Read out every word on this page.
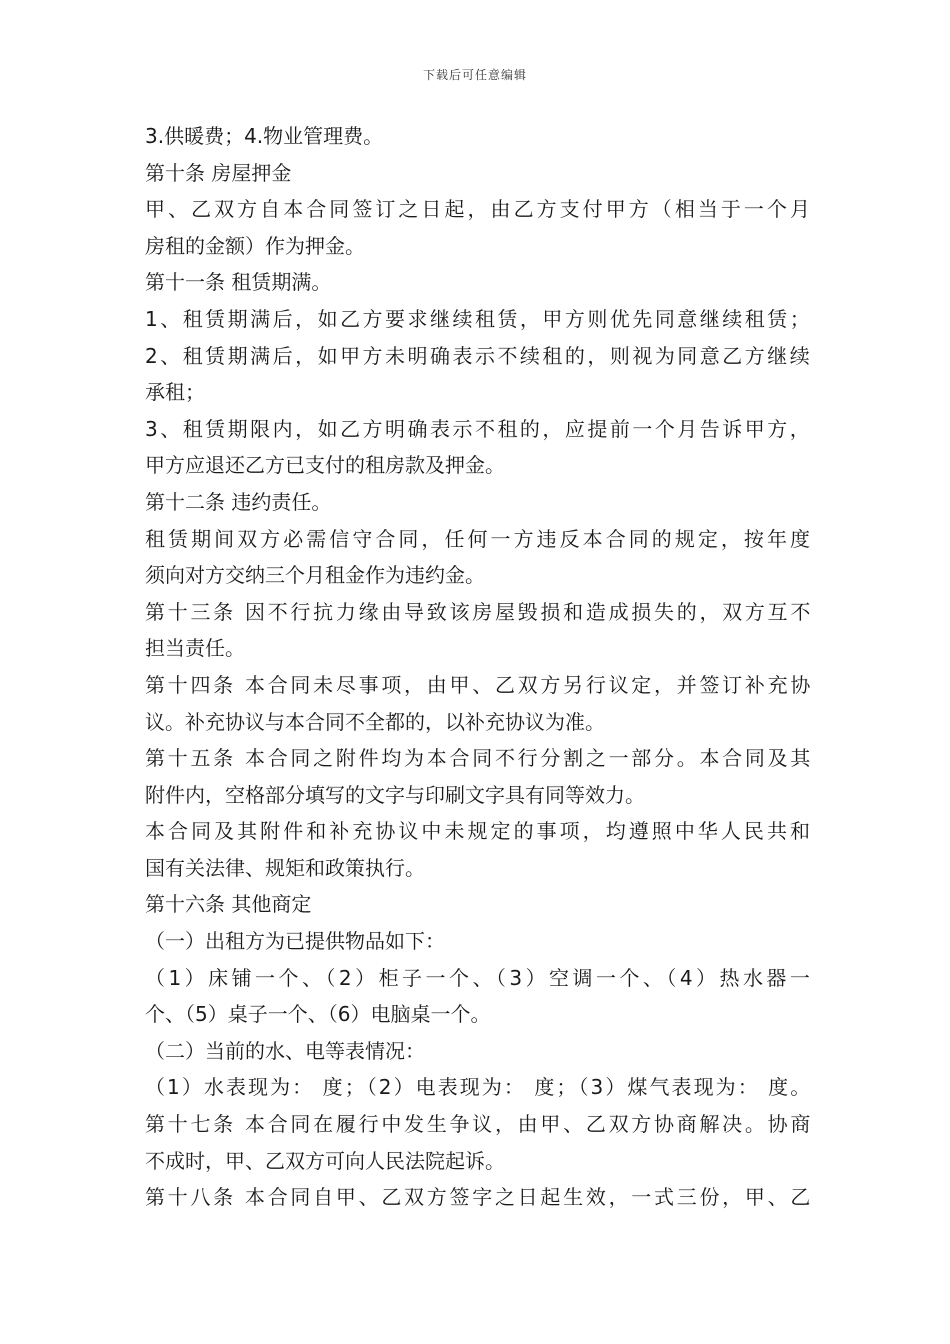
下载后可任意编辑
3.供暖费；4.物业管理费。
第十条 房屋押金
甲、乙双方自本合同签订之日起，由乙方支付甲方（相当于一个月
房租的金额）作为押金。
第十一条 租赁期满。
1、租赁期满后，如乙方要求继续租赁，甲方则优先同意继续租赁；
2、租赁期满后，如甲方未明确表示不续租的，则视为同意乙方继续
承租；
3、租赁期限内，如乙方明确表示不租的，应提前一个月告诉甲方，
甲方应退还乙方已支付的租房款及押金。
第十二条 违约责任。
租赁期间双方必需信守合同，任何一方违反本合同的规定，按年度
须向对方交纳三个月租金作为违约金。
第十三条 因不行抗力缘由导致该房屋毁损和造成损失的，双方互不
担当责任。
第十四条 本合同未尽事项，由甲、乙双方另行议定，并签订补充协
议。补充协议与本合同不全都的，以补充协议为准。
第十五条 本合同之附件均为本合同不行分割之一部分。本合同及其
附件内，空格部分填写的文字与印刷文字具有同等效力。
本合同及其附件和补充协议中未规定的事项，均遵照中华人民共和
国有关法律、规矩和政策执行。
第十六条 其他商定
（一）出租方为已提供物品如下：
（1）床铺一个、（2）柜子一个、（3）空调一个、（4）热水器一
个、（5）桌子一个、（6）电脑桌一个。
（二）当前的水、电等表情况：
（1）水表现为： 度；（2）电表现为： 度；（3）煤气表现为： 度。
第十七条 本合同在履行中发生争议，由甲、乙双方协商解决。协商
不成时，甲、乙双方可向人民法院起诉。
第十八条 本合同自甲、乙双方签字之日起生效，一式三份，甲、乙
